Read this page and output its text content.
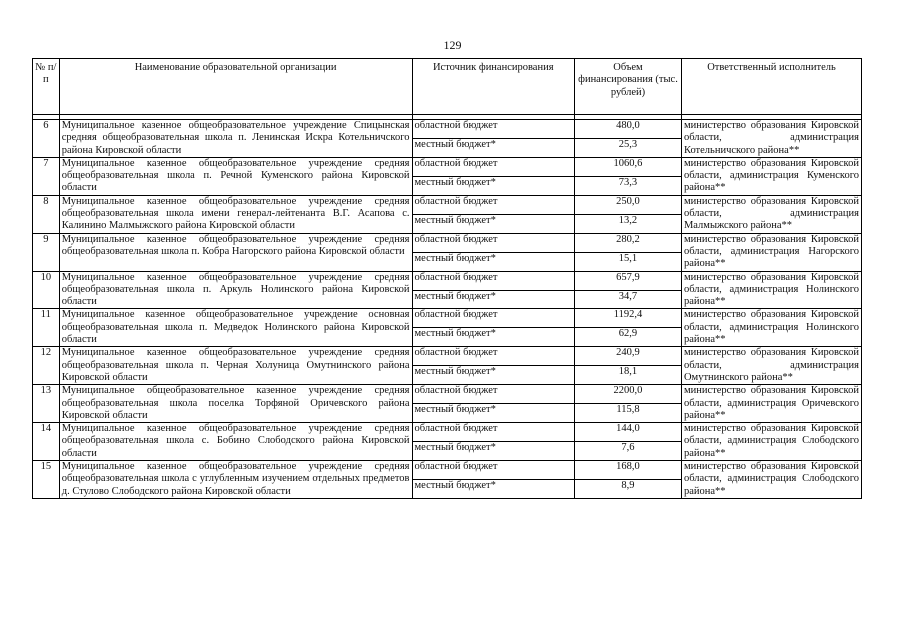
129
№ п/п	Наименование образовательной организации	Источник финансирования	Объем финансирования (тыс. рублей)	Ответственный исполнитель

6	Муниципальное казенное общеобразовательное учреждение Спицынская средняя общеобразовательная школа п. Ленинская Искра Котельничского района Кировской области	областной бюджет	480,0	министерство образования Кировской области, администрация Котельничского района**
		местный бюджет*	25,3	
7	Муниципальное казенное общеобразовательное учреждение средняя общеобразовательная школа п. Речной Куменского района Кировской области	областной бюджет	1060,6	министерство образования Кировской области, администрация Куменского района**
		местный бюджет*	73,3	
8	Муниципальное казенное общеобразовательное учреждение средняя общеобразовательная школа имени генерал-лейтенанта В.Г. Асапова с. Калинино Малмыжского района Кировской области	областной бюджет	250,0	министерство образования Кировской области, администрация Малмыжского района**
		местный бюджет*	13,2	
9	Муниципальное казенное общеобразовательное учреждение средняя общеобразовательная школа п. Кобра Нагорского района Кировской области	областной бюджет	280,2	министерство образования Кировской области, администрация Нагорского района**
		местный бюджет*	15,1	
10	Муниципальное казенное общеобразовательное учреждение средняя общеобразовательная школа п. Аркуль Нолинского района Кировской области	областной бюджет	657,9	министерство образования Кировской области, администрация Нолинского района**
		местный бюджет*	34,7	
11	Муниципальное казенное общеобразовательное учреждение основная общеобразовательная школа п. Медведок Нолинского района Кировской области	областной бюджет	1192,4	министерство образования Кировской области, администрация Нолинского района**
		местный бюджет*	62,9	
12	Муниципальное казенное общеобразовательное учреждение средняя общеобразовательная школа п. Черная Холуница Омутнинского района Кировской области	областной бюджет	240,9	министерство образования Кировской области, администрация Омутнинского района**
		местный бюджет*	18,1	
13	Муниципальное общеобразовательное казенное учреждение средняя общеобразовательная школа поселка Торфяной Оричевского района Кировской области	областной бюджет	2200,0	министерство образования Кировской области, администрация Оричевского района**
		местный бюджет*	115,8	
14	Муниципальное казенное общеобразовательное учреждение средняя общеобразовательная школа с. Бобино Слободского района Кировской области	областной бюджет	144,0	министерство образования Кировской области, администрация Слободского района**
		местный бюджет*	7,6	
15	Муниципальное казенное общеобразовательное учреждение средняя общеобразовательная школа с углубленным изучением отдельных предметов д. Стулово Слободского района Кировской области	областной бюджет	168,0	министерство образования Кировской области, администрация Слободского района**
		местный бюджет*	8,9	
